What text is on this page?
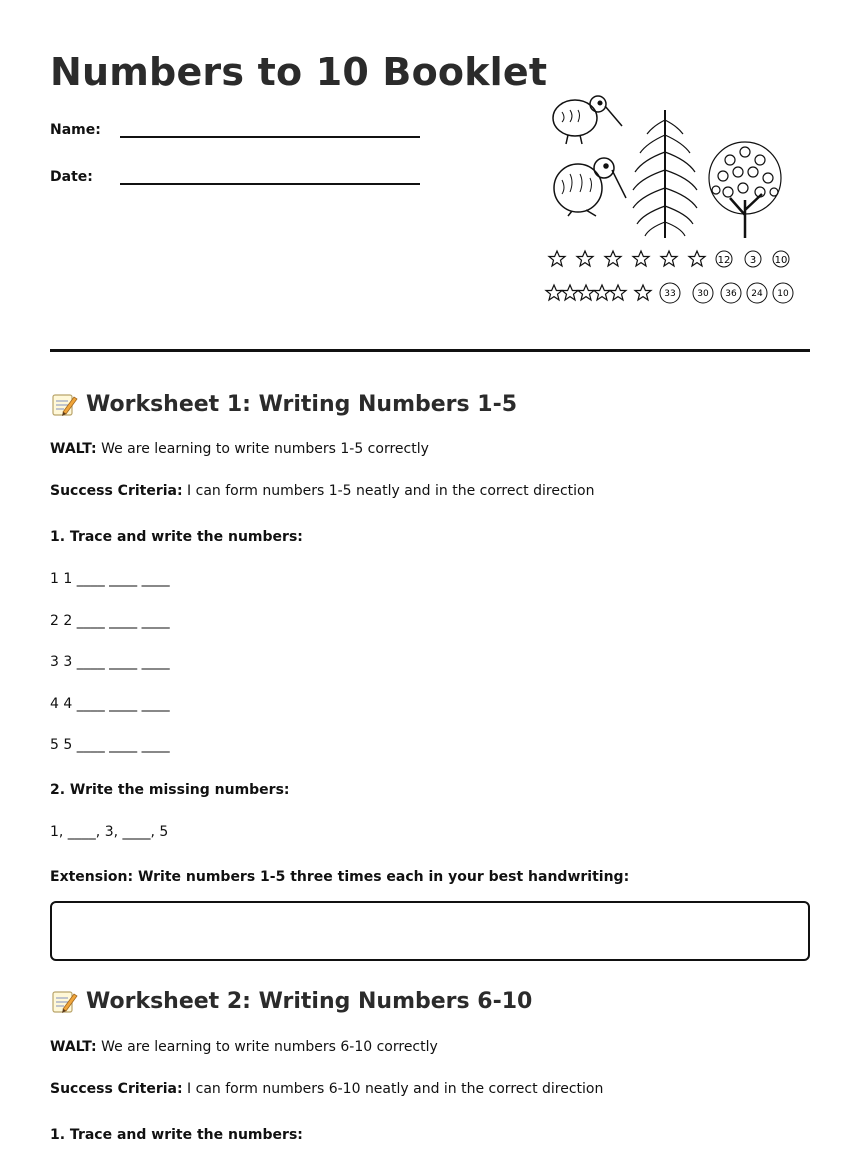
Numbers to 10 Booklet
Name:
Date:
12 3 10
33 30 36 24 10
Worksheet 1: Writing Numbers 1-5
WALT: We are learning to write numbers 1-5 correctly
Success Criteria: I can form numbers 1-5 neatly and in the correct direction
1. Trace and write the numbers:
1 1 ____ ____ ____
2 2 ____ ____ ____
3 3 ____ ____ ____
4 4 ____ ____ ____
5 5 ____ ____ ____
2. Write the missing numbers:
1, ____, 3, ____, 5
Extension: Write numbers 1-5 three times each in your best handwriting:
Worksheet 2: Writing Numbers 6-10
WALT: We are learning to write numbers 6-10 correctly
Success Criteria: I can form numbers 6-10 neatly and in the correct direction
1. Trace and write the numbers:
